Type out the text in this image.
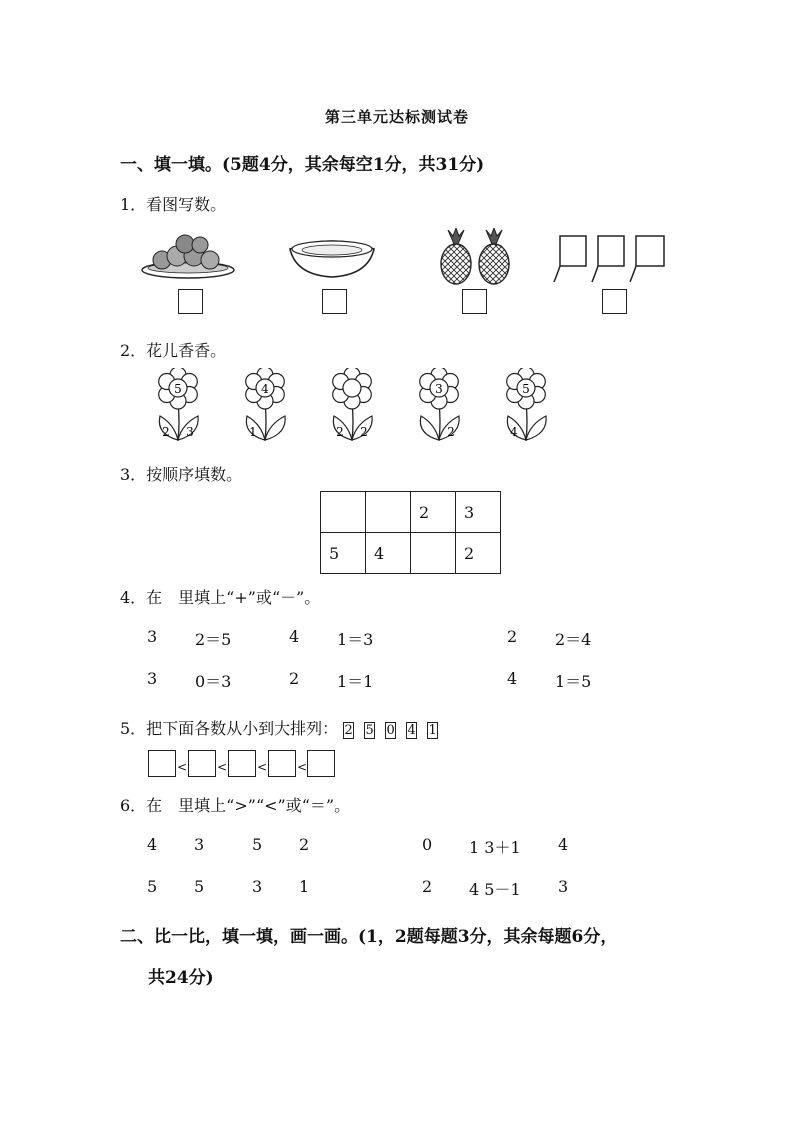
第三单元达标测试卷
一、填一填。(5题4分，其余每空1分，共31分)
1．看图写数。
2．花儿香香。
5
2 3
4
1	2 2
3
2
5
4
3．按顺序填数。
		2	3
5	4		2
4．在　里填上“+”或“－”。
3 2＝5	4 1＝3	2 2＝4
3 0＝3	2 1＝1	4 1＝5
5．把下面各数从小到大排列： 2 5 0 4 1
< < < <
6．在　里填上“>”“<”或“＝”。
4 3	5 2	0 1 3＋1 4
5 5	3 1	2 4 5－1 3
二、比一比，填一填，画一画。(1，2题每题3分，其余每题6分，
共24分)
